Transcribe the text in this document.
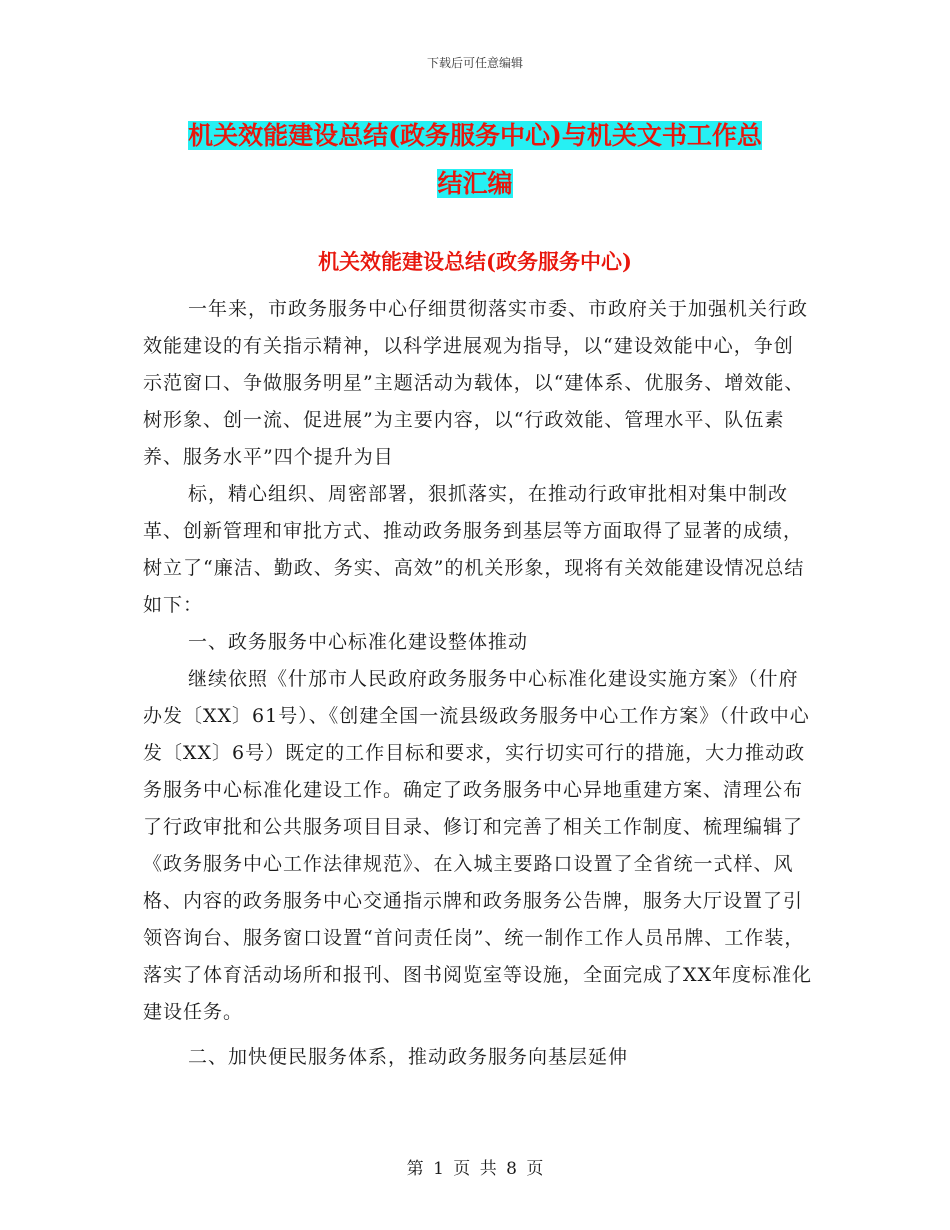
下载后可任意编辑
机关效能建设总结(政务服务中心)与机关文书工作总
结汇编
机关效能建设总结(政务服务中心)

一年来，市政务服务中心仔细贯彻落实市委、市政府关于加强机关行政效能建设的有关指示精神，以科学进展观为指导，以“建设效能中心，争创示范窗口、争做服务明星”主题活动为载体，以“建体系、优服务、增效能、树形象、创一流、促进展”为主要内容，以“行政效能、管理水平、队伍素养、服务水平”四个提升为目

标，精心组织、周密部署，狠抓落实，在推动行政审批相对集中制改革、创新管理和审批方式、推动政务服务到基层等方面取得了显著的成绩，树立了“廉洁、勤政、务实、高效”的机关形象，现将有关效能建设情况总结如下：

一、政务服务中心标准化建设整体推动

继续依照《什邡市人民政府政务服务中心标准化建设实施方案》（什府办发〔XX〕61号）、《创建全国一流县级政务服务中心工作方案》（什政中心发〔XX〕6号）既定的工作目标和要求，实行切实可行的措施，大力推动政务服务中心标准化建设工作。确定了政务服务中心异地重建方案、清理公布了行政审批和公共服务项目目录、修订和完善了相关工作制度、梳理编辑了《政务服务中心工作法律规范》、在入城主要路口设置了全省统一式样、风格、内容的政务服务中心交通指示牌和政务服务公告牌，服务大厅设置了引领咨询台、服务窗口设置“首问责任岗”、统一制作工作人员吊牌、工作装，落实了体育活动场所和报刊、图书阅览室等设施，全面完成了XX年度标准化建设任务。

二、加快便民服务体系，推动政务服务向基层延伸

第 1 页 共 8 页
